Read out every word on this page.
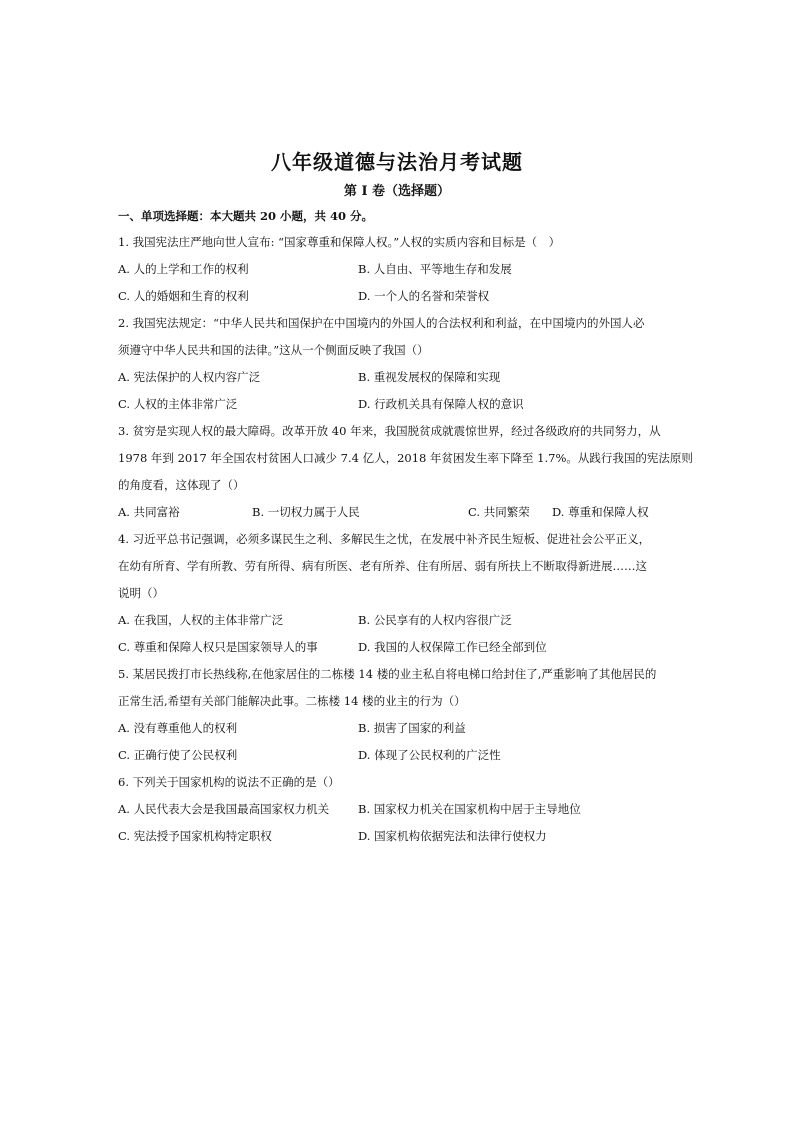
八年级道德与法治月考试题
第 I 卷（选择题）
一、单项选择题：本大题共 20 小题，共 40 分。
1. 我国宪法庄严地向世人宣布: “国家尊重和保障人权。”人权的实质内容和目标是（　）
A. 人的上学和工作的权利	B. 人自由、平等地生存和发展
C. 人的婚姻和生育的权利	D. 一个人的名誉和荣誉权
2. 我国宪法规定：“中华人民共和国保护在中国境内的外国人的合法权利和利益，在中国境内的外国人必
须遵守中华人民共和国的法律。”这从一个侧面反映了我国（）
A. 宪法保护的人权内容广泛	B. 重视发展权的保障和实现
C. 人权的主体非常广泛	D. 行政机关具有保障人权的意识
3. 贫穷是实现人权的最大障碍。改革开放 40 年来，我国脱贫成就震惊世界，经过各级政府的共同努力，从
1978 年到 2017 年全国农村贫困人口减少 7.4 亿人，2018 年贫困发生率下降至 1.7%。从践行我国的宪法原则
的角度看，这体现了（）
A. 共同富裕	B. 一切权力属于人民	C. 共同繁荣 D. 尊重和保障人权
4. 习近平总书记强调，必须多谋民生之利、多解民生之忧，在发展中补齐民生短板、促进社会公平正义，
在幼有所育、学有所教、劳有所得、病有所医、老有所养、住有所居、弱有所扶上不断取得新进展……这
说明（）
A. 在我国，人权的主体非常广泛	B. 公民享有的人权内容很广泛
C. 尊重和保障人权只是国家领导人的事	D. 我国的人权保障工作已经全部到位
5. 某居民拨打市长热线称,在他家居住的二栋楼 14 楼的业主私自将电梯口给封住了,严重影响了其他居民的
正常生活,希望有关部门能解决此事。二栋楼 14 楼的业主的行为（）
A. 没有尊重他人的权利	B. 损害了国家的利益
C. 正确行使了公民权利	D. 体现了公民权利的广泛性
6. 下列关于国家机构的说法不正确的是（）
A. 人民代表大会是我国最高国家权力机关	B. 国家权力机关在国家机构中居于主导地位
C. 宪法授予国家机构特定职权	D. 国家机构依据宪法和法律行使权力
